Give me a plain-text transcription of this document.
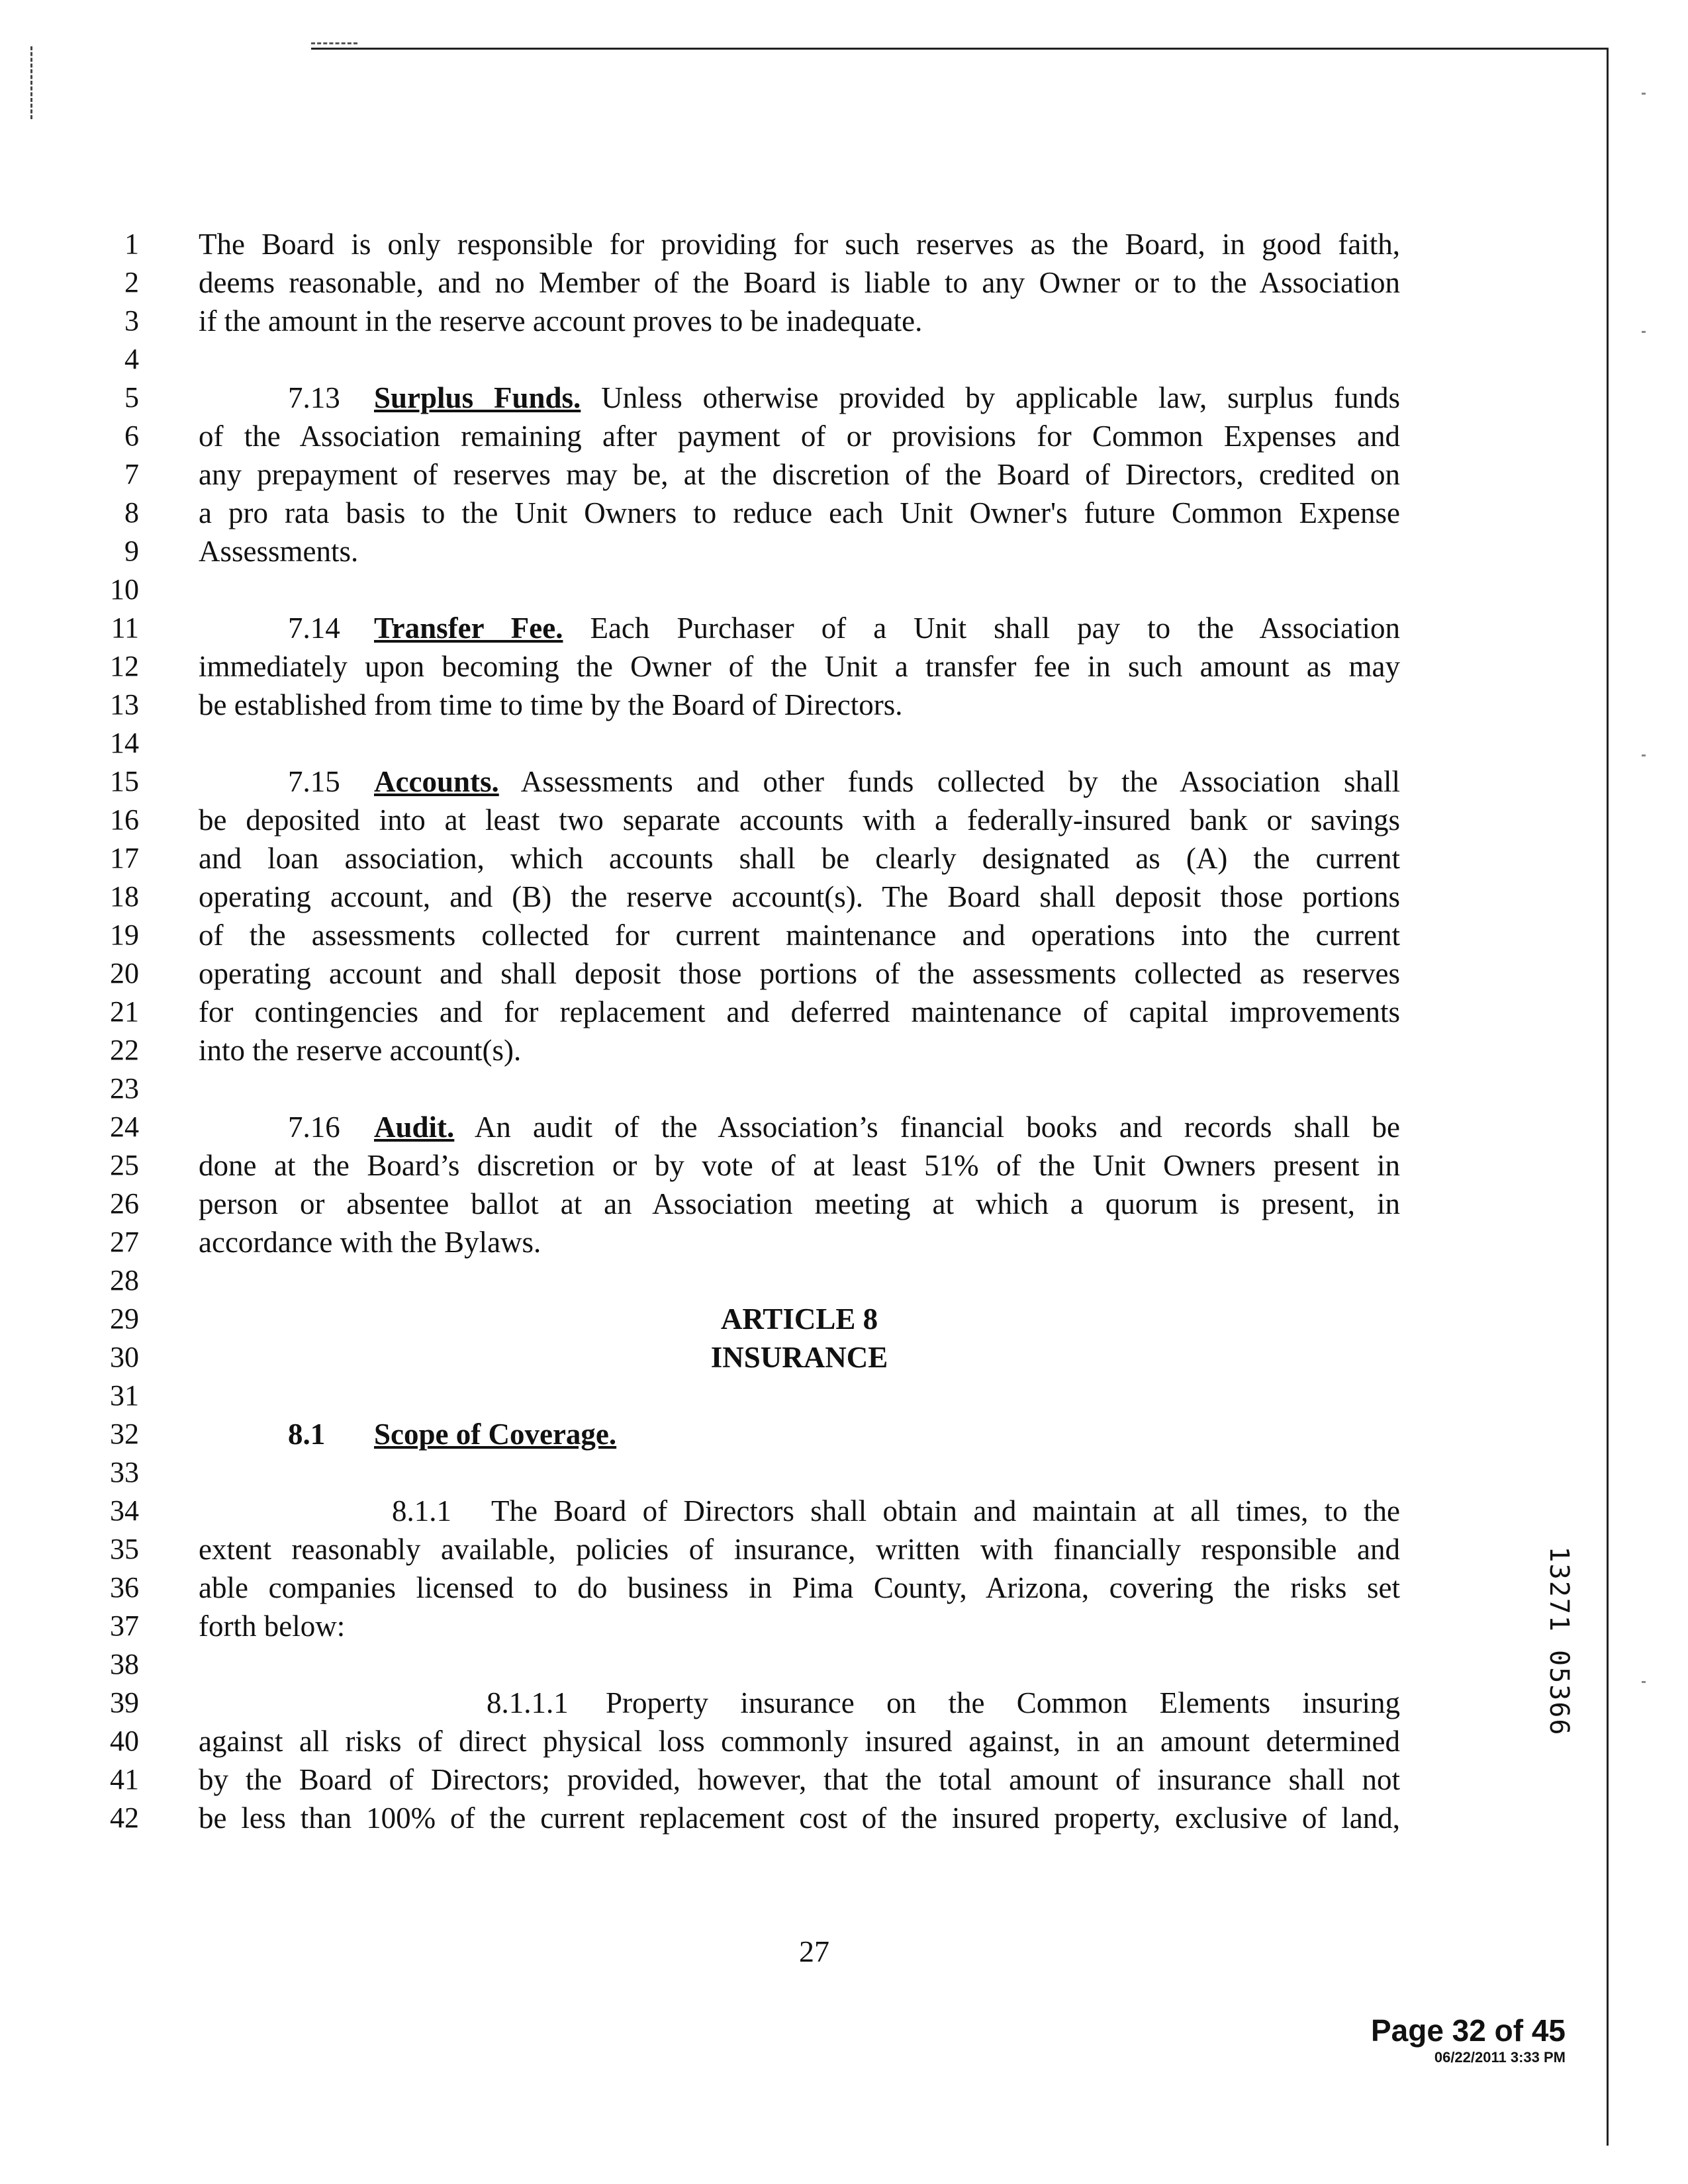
1
2
3
4
5
6
7
8
9
10
11
12
13
14
15
16
17
18
19
20
21
22
23
24
25
26
27
28
29
30
31
32
33
34
35
36
37
38
39
40
41
42
The Board is only responsible for providing for such reserves as the Board, in good faith,
deems reasonable, and no Member of the Board is liable to any Owner or to the Association
if the amount in the reserve account proves to be inadequate.
7.13 Surplus Funds. Unless otherwise provided by applicable law, surplus funds
of the Association remaining after payment of or provisions for Common Expenses and
any prepayment of reserves may be, at the discretion of the Board of Directors, credited on
a pro rata basis to the Unit Owners to reduce each Unit Owner's future Common Expense
Assessments.
7.14 Transfer Fee. Each Purchaser of a Unit shall pay to the Association
immediately upon becoming the Owner of the Unit a transfer fee in such amount as may
be established from time to time by the Board of Directors.
7.15 Accounts. Assessments and other funds collected by the Association shall
be deposited into at least two separate accounts with a federally-insured bank or savings
and loan association, which accounts shall be clearly designated as (A) the current
operating account, and (B) the reserve account(s). The Board shall deposit those portions
of the assessments collected for current maintenance and operations into the current
operating account and shall deposit those portions of the assessments collected as reserves
for contingencies and for replacement and deferred maintenance of capital improvements
into the reserve account(s).
7.16 Audit. An audit of the Association’s financial books and records shall be
done at the Board’s discretion or by vote of at least 51% of the Unit Owners present in
person or absentee ballot at an Association meeting at which a quorum is present, in
accordance with the Bylaws.
ARTICLE 8
INSURANCE
8.1 Scope of Coverage.
8.1.1 The Board of Directors shall obtain and maintain at all times, to the
extent reasonably available, policies of insurance, written with financially responsible and
able companies licensed to do business in Pima County, Arizona, covering the risks set
forth below:
8.1.1.1 Property insurance on the Common Elements insuring
against all risks of direct physical loss commonly insured against, in an amount determined
by the Board of Directors; provided, however, that the total amount of insurance shall not
be less than 100% of the current replacement cost of the insured property, exclusive of land,
27
13271 05366
Page 32 of 45
06/22/2011 3:33 PM
